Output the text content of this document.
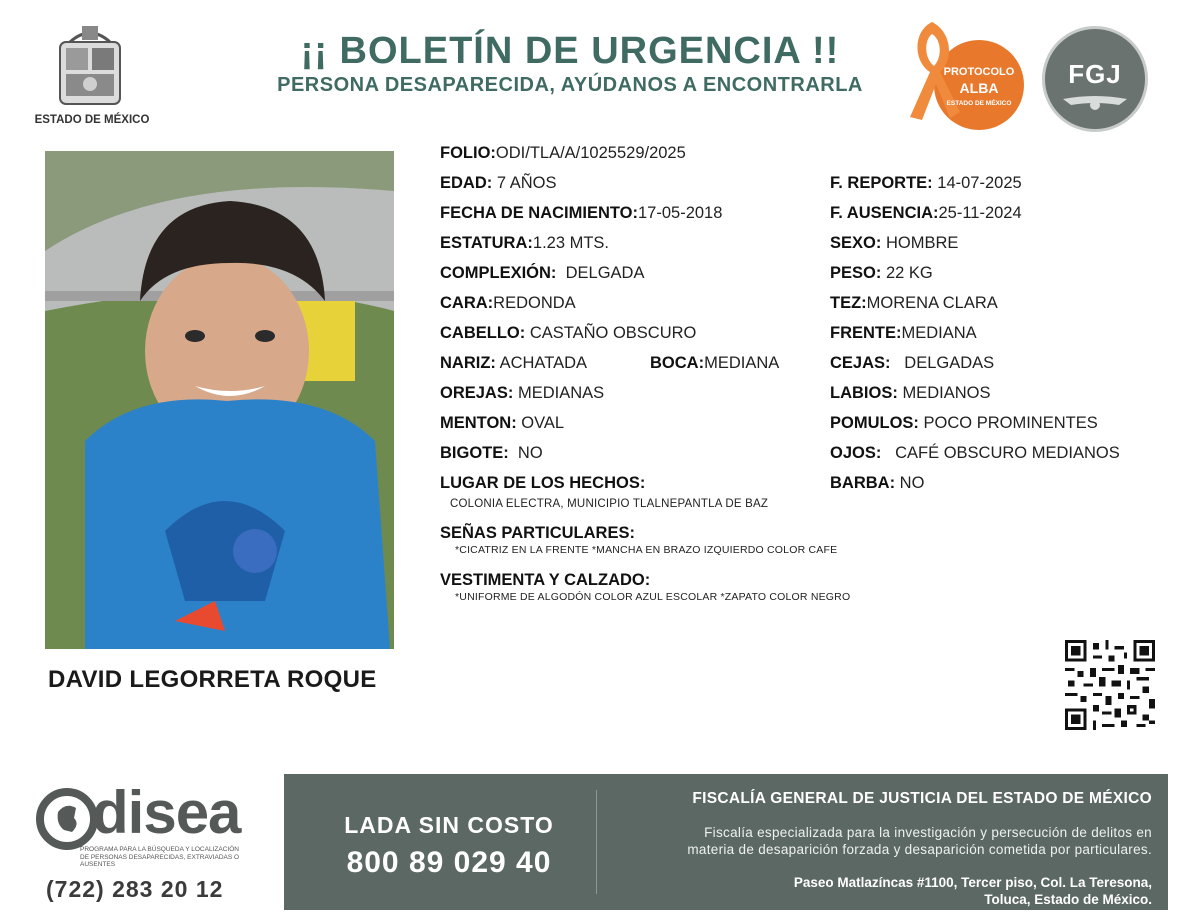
ESTADO DE MÉXICO
¡¡ BOLETÍN DE URGENCIA !!
PERSONA DESAPARECIDA, AYÚDANOS A ENCONTRARLA
PROTOCOLO
ALBA
ESTADO DE MÉXICO
FGJ
DAVID LEGORRETA ROQUE
FOLIO:ODI/TLA/A/1025529/2025
EDAD: 7 AÑOS	F. REPORTE: 14-07-2025
FECHA DE NACIMIENTO:17-05-2018	F. AUSENCIA:25-11-2024
ESTATURA:1.23 MTS.	SEXO: HOMBRE
COMPLEXIÓN: DELGADA	PESO: 22 KG
CARA:REDONDA	TEZ:MORENA CLARA
CABELLO: CASTAÑO OBSCURO	FRENTE:MEDIANA
NARIZ: ACHATADA	BOCA:MEDIANA	CEJAS: DELGADAS
OREJAS: MEDIANAS	LABIOS: MEDIANOS
MENTON: OVAL	POMULOS: POCO PROMINENTES
BIGOTE: NO	OJOS: CAFÉ OBSCURO MEDIANOS
LUGAR DE LOS HECHOS:	BARBA: NO
COLONIA ELECTRA, MUNICIPIO TLALNEPANTLA DE BAZ
SEÑAS PARTICULARES:
*CICATRIZ EN LA FRENTE *MANCHA EN BRAZO IZQUIERDO COLOR CAFE
VESTIMENTA Y CALZADO:
*UNIFORME DE ALGODÓN COLOR AZUL ESCOLAR *ZAPATO COLOR NEGRO
disea
PROGRAMA PARA LA BÚSQUEDA Y LOCALIZACIÓN
DE PERSONAS DESAPARECIDAS, EXTRAVIADAS O
AUSENTES
(722) 283 20 12
LADA SIN COSTO
800 89 029 40
FISCALÍA GENERAL DE JUSTICIA DEL ESTADO DE MÉXICO
Fiscalía especializada para la investigación y persecución de delitos en
materia de desaparición forzada y desaparición cometida por particulares.
Paseo Matlazíncas #1100, Tercer piso, Col. La Teresona,
Toluca, Estado de México.
